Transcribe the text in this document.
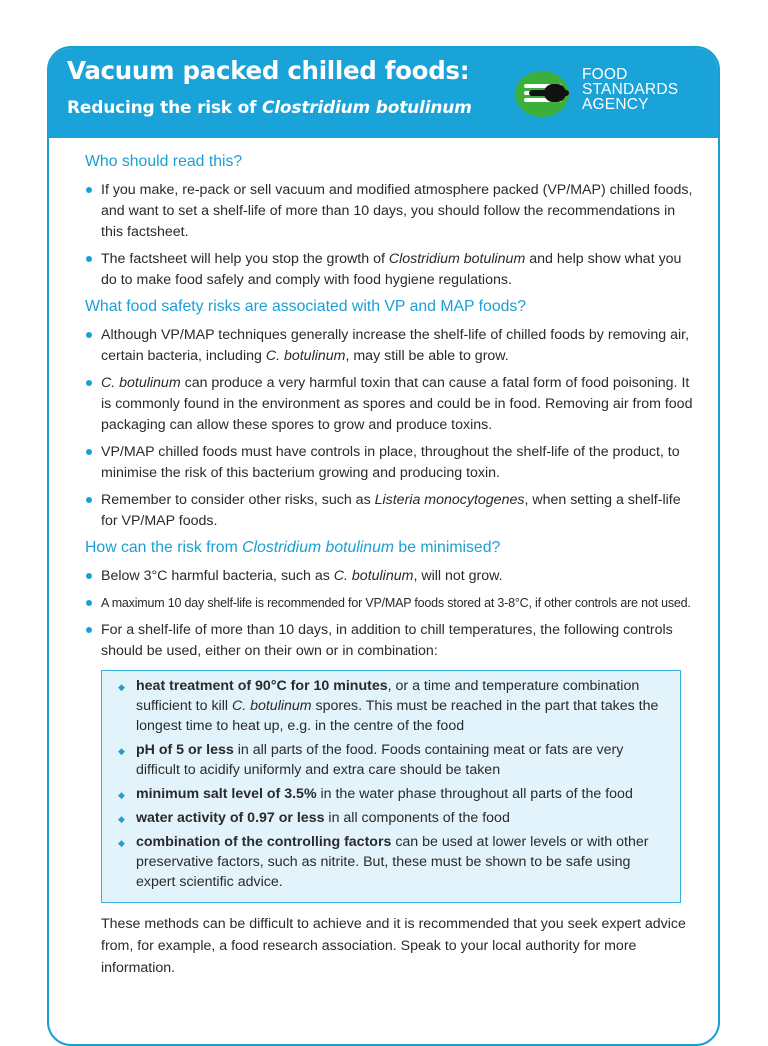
Vacuum packed chilled foods:
Reducing the risk of Clostridium botulinum
FOOD
STANDARDS
AGENCY
Who should read this?
If you make, re-pack or sell vacuum and modified atmosphere packed (VP/MAP) chilled foods, and want to set a shelf-life of more than 10 days, you should follow the recommendations in this factsheet.
The factsheet will help you stop the growth of Clostridium botulinum and help show what you do to make food safely and comply with food hygiene regulations.
What food safety risks are associated with VP and MAP foods?
Although VP/MAP techniques generally increase the shelf-life of chilled foods by removing air, certain bacteria, including C. botulinum, may still be able to grow.
C. botulinum can produce a very harmful toxin that can cause a fatal form of food poisoning. It is commonly found in the environment as spores and could be in food. Removing air from food packaging can allow these spores to grow and produce toxins.
VP/MAP chilled foods must have controls in place, throughout the shelf-life of the product, to minimise the risk of this bacterium growing and producing toxin.
Remember to consider other risks, such as Listeria monocytogenes, when setting a shelf-life for VP/MAP foods.
How can the risk from Clostridium botulinum be minimised?
Below 3°C harmful bacteria, such as C. botulinum, will not grow.
A maximum 10 day shelf-life is recommended for VP/MAP foods stored at 3-8°C, if other controls are not used.
For a shelf-life of more than 10 days, in addition to chill temperatures, the following controls should be used, either on their own or in combination:
◆ heat treatment of 90°C for 10 minutes, or a time and temperature combination sufficient to kill C. botulinum spores. This must be reached in the part that takes the longest time to heat up, e.g. in the centre of the food
◆ pH of 5 or less in all parts of the food. Foods containing meat or fats are very difficult to acidify uniformly and extra care should be taken
◆ minimum salt level of 3.5% in the water phase throughout all parts of the food
◆ water activity of 0.97 or less in all components of the food
◆ combination of the controlling factors can be used at lower levels or with other preservative factors, such as nitrite. But, these must be shown to be safe using expert scientific advice.
These methods can be difficult to achieve and it is recommended that you seek expert advice from, for example, a food research association. Speak to your local authority for more information.
